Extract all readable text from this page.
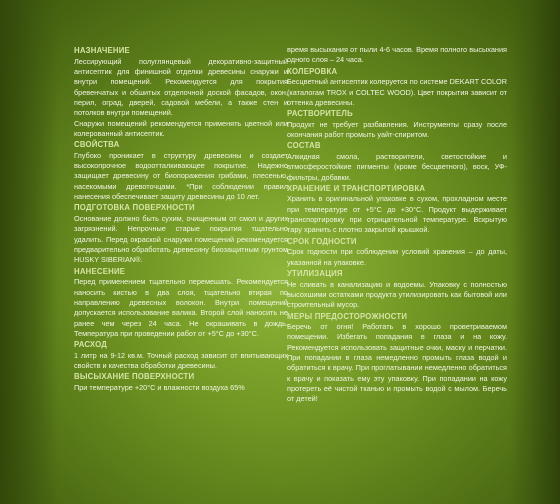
НАЗНАЧЕНИЕ

Лессирующий полуглянцевый декоративно-защитный антисептик для финишной отделки древесины снаружи и внутри помещений. Рекомендуется для покрытия бревенчатых и обшитых отделочной доской фасадов, окон, перил, оград, дверей, садовой мебели, а также стен и потолков внутри помещений.

Снаружи помещений рекомендуется применять цветной или колерованный антисептик.

СВОЙСТВА

Глубоко проникает в структуру древесины и создает высокопрочное водоотталкивающее покрытие. Надежно защищает древесину от биопоражения грибами, плесенью, насекомыми древоточцами. *При соблюдении правил нанесения обеспечивает защиту древесины до 10 лет.

ПОДГОТОВКА ПОВЕРХНОСТИ

Основание должно быть сухим, очищенным от смол и других загрязнений. Непрочные старые покрытия тщательно удалить. Перед окраской снаружи помещений рекомендуется предварительно обработать древесину биозащитным грунтом HUSKY SIBERIAN®.

НАНЕСЕНИЕ

Перед применением тщательно перемешать. Рекомендуется наносить кистью в два слоя, тщательно втирая по направлению древесных волокон. Внутри помещений допускается использование валика. Второй слой наносить не ранее чем через 24 часа. Не окрашивать в дождь. Температура при проведении работ от +5°С до +30°С.

РАСХОД

1 литр на 9-12 кв.м. Точный расход зависит от впитывающих свойств и качества обработки древесины.

ВЫСЫХАНИЕ ПОВЕРХНОСТИ

При температуре +20°С и влажности воздуха 65%

время высыхания от пыли 4-6 часов. Время полного высыхания одного слоя – 24 часа.

КОЛЕРОВКА

Бесцветный антисептик колеруется по системе DEKART COLOR (каталогам TROX и COLTEC WOOD). Цвет покрытия зависит от оттенка древесины.

РАСТВОРИТЕЛЬ

Продукт не требует разбавления. Инструменты сразу после окончания работ промыть уайт-спиритом.

СОСТАВ

Алкидная смола, растворители, светостойкие и атмосферостойкие пигменты (кроме бесцветного), воск, УФ-фильтры, добавки.

ХРАНЕНИЕ И ТРАНСПОРТИРОВКА

Хранить в оригинальной упаковке в сухом, прохладном месте при температуре от +5°С до +30°С. Продукт выдерживает транспортировку при отрицательной температуре. Вскрытую тару хранить с плотно закрытой крышкой.

СРОК ГОДНОСТИ

Срок годности при соблюдении условий хранения – до даты, указанной на упаковке.

УТИЛИЗАЦИЯ

Не сливать в канализацию и водоемы. Упаковку с полностью высохшими остатками продукта утилизировать как бытовой или строительный мусор.

МЕРЫ ПРЕДОСТОРОЖНОСТИ

Беречь от огня! Работать в хорошо проветриваемом помещении. Избегать попадания в глаза и на кожу. Рекомендуется использовать защитные очки, маску и перчатки. При попадании в глаза немедленно промыть глаза водой и обратиться к врачу. При проглатывании немедленно обратиться к врачу и показать ему эту упаковку. При попадании на кожу протереть её чистой тканью и промыть водой с мылом. Беречь от детей!
